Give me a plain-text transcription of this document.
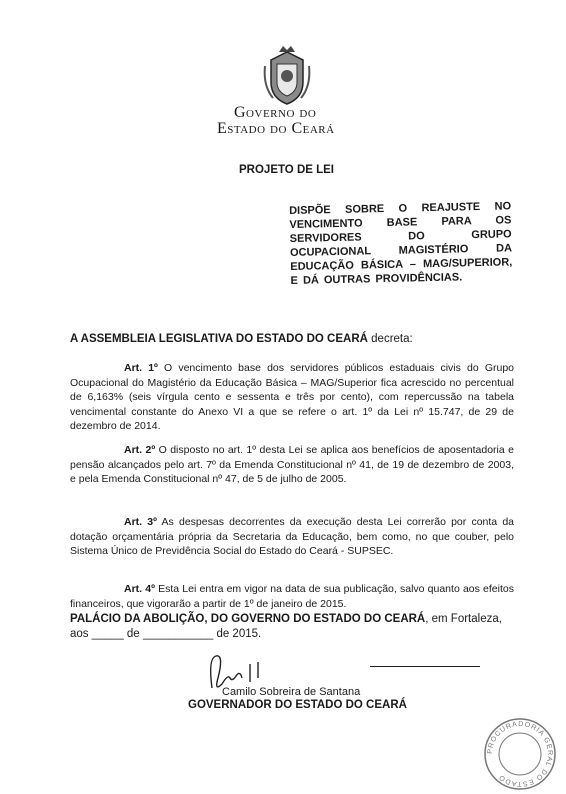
Governo do
Estado do Ceará
PROJETO DE LEI
DISPÕE SOBRE O REAJUSTE NO VENCIMENTO BASE PARA OS SERVIDORES DO GRUPO OCUPACIONAL MAGISTÉRIO DA EDUCAÇÃO BÁSICA – MAG/SUPERIOR, E DÁ OUTRAS PROVIDÊNCIAS.
A ASSEMBLEIA LEGISLATIVA DO ESTADO DO CEARÁ decreta:
Art. 1º O vencimento base dos servidores públicos estaduais civis do Grupo Ocupacional do Magistério da Educação Básica – MAG/Superior fica acrescido no percentual de 6,163% (seis vírgula cento e sessenta e três por cento), com repercussão na tabela vencimental constante do Anexo VI a que se refere o art. 1º da Lei nº 15.747, de 29 de dezembro de 2014.
Art. 2º O disposto no art. 1º desta Lei se aplica aos benefícios de aposentadoria e pensão alcançados pelo art. 7º da Emenda Constitucional nº 41, de 19 de dezembro de 2003, e pela Emenda Constitucional nº 47, de 5 de julho de 2005.
Art. 3º As despesas decorrentes da execução desta Lei correrão por conta da dotação orçamentária própria da Secretaria da Educação, bem como, no que couber, pelo Sistema Único de Previdência Social do Estado do Ceará - SUPSEC.
Art. 4º Esta Lei entra em vigor na data de sua publicação, salvo quanto aos efeitos financeiros, que vigorarão a partir de 1º de janeiro de 2015.
PALÁCIO DA ABOLIÇÃO, DO GOVERNO DO ESTADO DO CEARÁ, em Fortaleza,
aos _____ de ___________ de 2015.
Camilo Sobreira de Santana
GOVERNADOR DO ESTADO DO CEARÁ
PROCURADORIA GERAL DO ESTADO
